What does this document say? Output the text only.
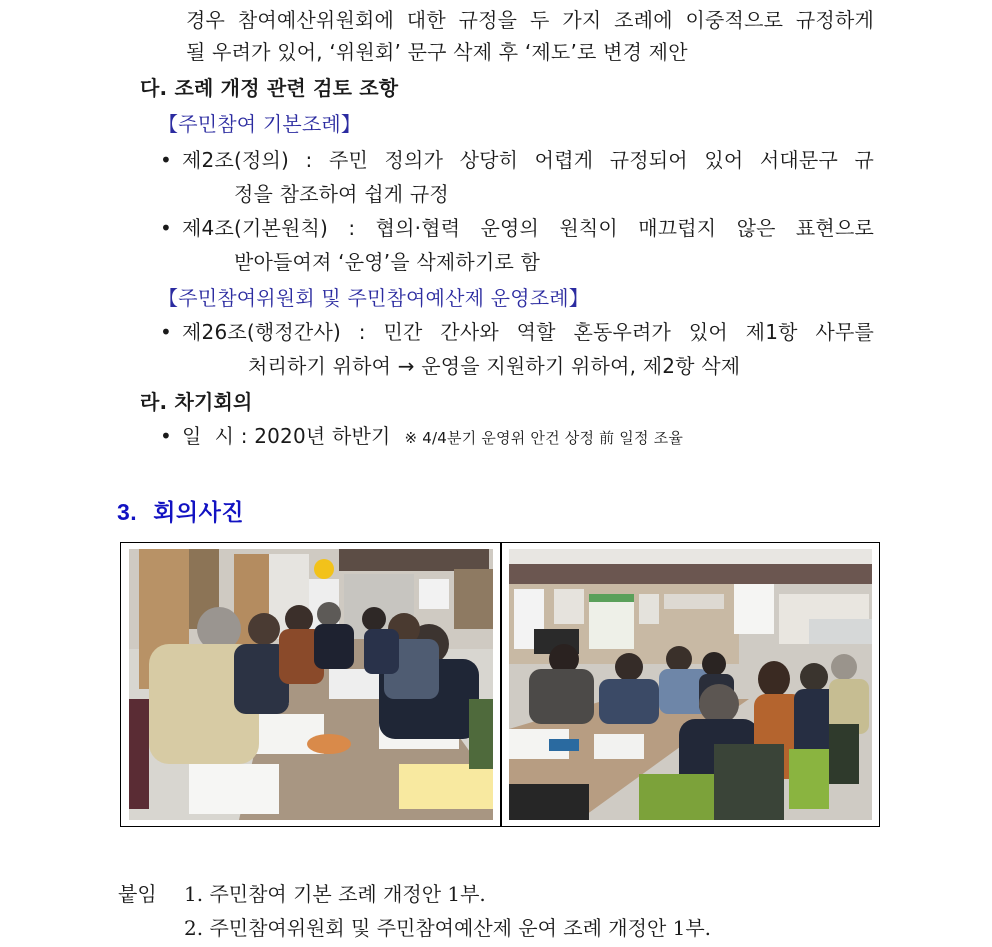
경우 참여예산위원회에 대한 규정을 두 가지 조례에 이중적으로 규정하게
될 우려가 있어, ‘위원회’ 문구 삭제 후 ‘제도’로 변경 제안
다. 조례 개정 관련 검토 조항
【주민참여 기본조례】
• 제2조(정의) : 주민 정의가 상당히 어렵게 규정되어 있어 서대문구 규
정을 참조하여 쉽게 규정
• 제4조(기본원칙) : 협의·협력 운영의 원칙이 매끄럽지 않은 표현으로
받아들여져 ‘운영’을 삭제하기로 함
【주민참여위원회 및 주민참여예산제 운영조례】
• 제26조(행정간사) : 민간 간사와 역할 혼동우려가 있어 제1항 사무를
처리하기 위하여 → 운영을 지원하기 위하여, 제2항 삭제
라. 차기회의
• 일  시 : 2020년 하반기 ※ 4/4분기 운영위 안건 상정 前 일정 조율
3. 회의사진
붙임 1. 주민참여 기본 조례 개정안 1부.
2. 주민참여위원회 및 주민참여예산제 운여 조례 개정안 1부.
